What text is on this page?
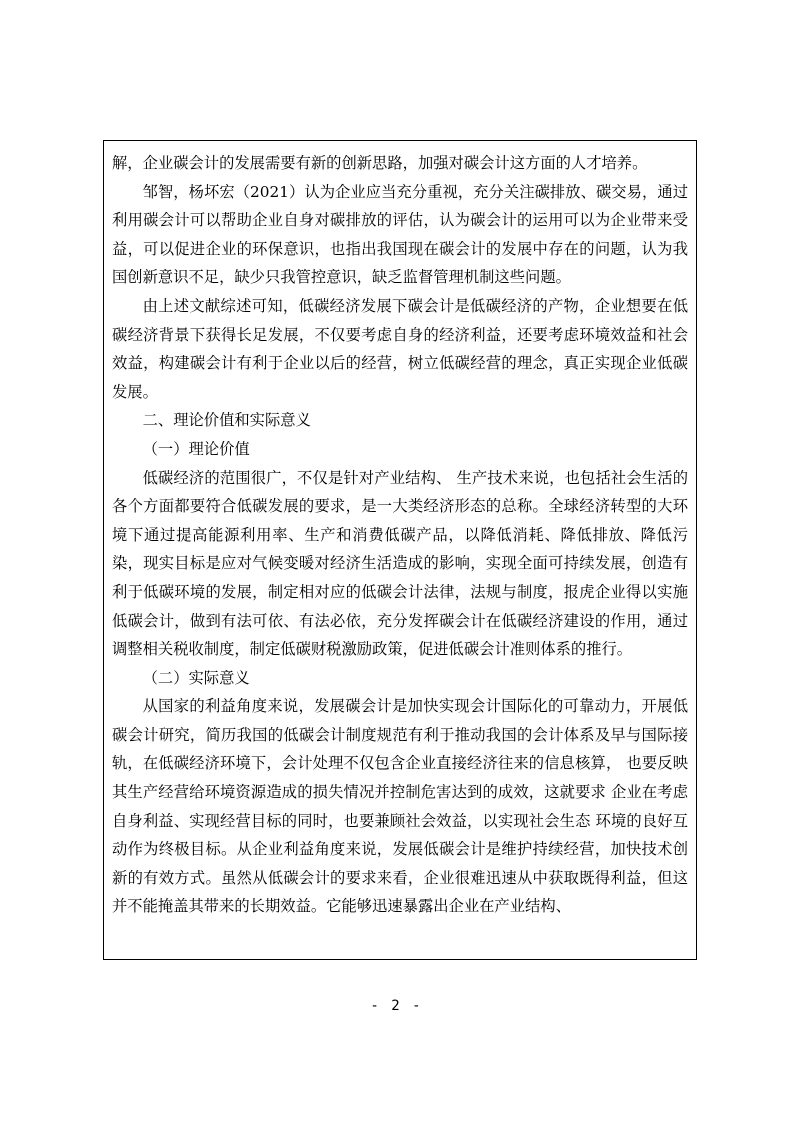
解，企业碳会计的发展需要有新的创新思路，加强对碳会计这方面的人才培养。

邹智，杨坏宏（2021）认为企业应当充分重视，充分关注碳排放、碳交易，通过利用碳会计可以帮助企业自身对碳排放的评估，认为碳会计的运用可以为企业带来受益，可以促进企业的环保意识，也指出我国现在碳会计的发展中存在的问题，认为我国创新意识不足，缺少只我管控意识，缺乏监督管理机制这些问题。

由上述文献综述可知，低碳经济发展下碳会计是低碳经济的产物，企业想要在低碳经济背景下获得长足发展，不仅要考虑自身的经济利益，还要考虑环境效益和社会效益，构建碳会计有利于企业以后的经营，树立低碳经营的理念，真正实现企业低碳发展。

二、理论价值和实际意义

（一）理论价值

低碳经济的范围很广，不仅是针对产业结构、 生产技术来说，也包括社会生活的各个方面都要符合低碳发展的要求，是一大类经济形态的总称。全球经济转型的大环境下通过提高能源利用率、生产和消费低碳产品，以降低消耗、降低排放、降低污染，现实目标是应对气候变暖对经济生活造成的影响，实现全面可持续发展，创造有利于低碳环境的发展，制定相对应的低碳会计法律，法规与制度，报虎企业得以实施低碳会计，做到有法可依、有法必依，充分发挥碳会计在低碳经济建设的作用，通过调整相关税收制度，制定低碳财税激励政策，促进低碳会计准则体系的推行。

（二）实际意义

从国家的利益角度来说，发展碳会计是加快实现会计国际化的可靠动力，开展低碳会计研究，简历我国的低碳会计制度规范有利于推动我国的会计体系及早与国际接轨，在低碳经济环境下，会计处理不仅包含企业直接经济往来的信息核算， 也要反映其生产经营给环境资源造成的损失情况并控制危害达到的成效，这就要求 企业在考虑自身利益、实现经营目标的同时，也要兼顾社会效益，以实现社会生态 环境的良好互动作为终极目标。从企业利益角度来说，发展低碳会计是维护持续经营，加快技术创新的有效方式。虽然从低碳会计的要求来看，企业很难迅速从中获取既得利益，但这并不能掩盖其带来的长期效益。它能够迅速暴露出企业在产业结构、

- 2 -
